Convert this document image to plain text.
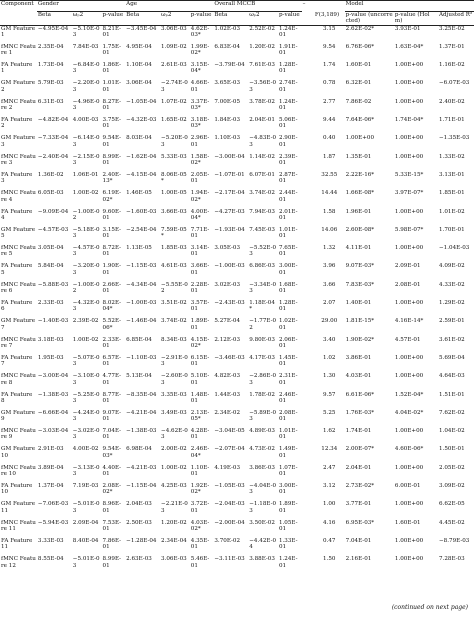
Component	Gender			Age			Overall MCCB			–		Model		
	Beta	ωₚ2	p-value	Beta	ωₚ2	p-value	Beta	ωₚ2	p-value		F(3,189)	p-value (uncorrected)	p-value (Holm)	Adjusted R²
GM Feature 1	−4.95E-04	−5.10E-03	8.21E-01	−3.45E-04	3.06E-03	4.62E-03*	1.02E-03	2.52E-02	1.24E-01		3.15	2.62E-02*	3.93E-01	3.25E-02
fMNC Feature 1	2.35E-04	7.84E-03	1.75E-01	4.95E-04	1.09E-02	1.99E-02*	6.83E-04	1.20E-02	1.91E-01		9.54	6.76E-06*	1.63E-04*	1.37E-01
FA Feature 1	1.73E-04	−6.84E-03	1.86E-01	1.10E-04	2.61E-03	3.15E-04*	−3.79E-04	7.61E-03	1.28E-01		1.74	1.60E-01	1.00E+00	1.16E-02
GM Feature 2	5.79E-03	−2.20E-03	1.01E-01	3.06E-04	−2.74E-03	4.66E-01	3.65E-03	−3.56E-03	2.74E-01		0.78	6.32E-01	1.00E+00	−6.07E-03
fMNC Feature 2	6.31E-03	−4.96E-03	8.27E-01	−1.05E-04	1.07E-02	3.37E-03*	7.00E-05	3.78E-02	1.24E-01		2.77	7.86E-02	1.00E+00	2.40E-02
FA Feature 2	−4.82E-04	4.00E-03	3.75E-01	−4.32E-03	1.65E-02	3.18E-03*	1.84E-03	2.04E-01	5.06E-01		9.44	7.64E-06*	1.74E-04*	1.71E-01
GM Feature 3	−7.33E-04	−6.14E-03	9.54E-01	8.03E-04	−5.20E-03	2.96E-01	1.10E-03	−4.83E-03	2.90E-01		0.40	1.00E+00	1.00E+00	−1.35E-03
fMNC Feature 3	−2.40E-04	−2.15E-03	8.99E-01	−1.62E-04	5.33E-03	1.58E-02*	−3.00E-04	1.14E-02	2.39E-01		1.87	1.35E-01	1.00E+00	1.33E-02
FA Feature 3	1.36E-02	1.06E-01	2.40E-13*	−4.15E-04	8.06E-05*	2.05E-01	−1.07E-01	6.07E-01	2.87E-01		32.55	2.22E-16*	5.33E-15*	3.13E-01
fMNC Feature 4	6.05E-03	1.00E-02	6.19E-02*	1.46E-05	1.00E-05	1.94E-02*	−2.17E-04	3.74E-02	2.44E-01		14.44	1.66E-08*	3.97E-07*	1.85E-01
FA Feature 4	−9.09E-04	−1.00E-02	9.60E-01	−1.60E-03	3.66E-03	4.00E-04*	−4.27E-03	7.94E-03	2.01E-01		1.58	1.96E-01	1.00E+00	1.01E-02
GM Feature 5	−4.57E-03	−5.18E-03	3.15E-01	−2.54E-04	7.59E-05*	7.71E-01	−1.93E-04	7.45E-03	1.01E-01		14.06	2.60E-08*	5.98E-07*	1.70E-01
fMNC Feature 5	3.05E-04	−4.57E-03	8.72E-01	1.13E-05	1.85E-03	3.14E-01	3.05E-03	−5.52E-03	7.65E-01		1.32	4.11E-01	1.00E+00	−1.04E-03
FA Feature 5	5.84E-04	−3.20E-03	1.90E-01	−1.15E-03	4.61E-03	3.66E-01	−1.00E-03	6.86E-03	3.00E-01		3.96	9.07E-03*	2.09E-01	4.09E-02
fMNC Feature 6	−5.88E-03	−1.00E-02	2.66E-01	−4.34E-04	−5.55E-02	2.28E-01	3.02E-03	−3.34E-03	1.68E-01		3.66	7.83E-03*	2.08E-01	4.33E-02
FA Feature 6	2.33E-03	−4.32E-03	8.02E-04*	−1.00E-03	3.51E-02	3.57E-01	−2.43E-03	1.18E-04*	1.28E-01		2.07	1.40E-01	1.00E+00	1.29E-02
GM Feature 7	−1.40E-03	2.39E-02	5.52E-06*	−1.46E-04	3.74E-02	1.89E-01	5.27E-04	−1.77E-02	1.02E-01		29.00	1.81E-15*	4.16E-14*	2.59E-01
fMNC Feature 7	3.18E-03	1.00E-02	2.33E-01	6.85E-04	8.34E-03	4.15E-02*	2.12E-03	9.80E-03	2.06E-01		3.40	1.90E-02*	4.57E-01	3.61E-02
FA Feature 7	1.95E-03	−5.07E-03	6.57E-01	−1.10E-03	−2.91E-03	6.15E-01	−3.46E-03	4.17E-03	1.45E-01		1.02	3.86E-01	1.00E+00	5.69E-04
fMNC Feature 8	−3.00E-04	−3.10E-03	4.77E-01	5.13E-04	−2.60E-03	5.10E-01	4.82E-03	−2.86E-03	2.31E-01		1.30	4.03E-01	1.00E+00	4.64E-03
FA Feature 8	−1.38E-03	−5.25E-03	8.77E-01	−8.35E-04	3.35E-03	1.48E-01	1.44E-03	1.78E-02	2.46E-01		9.57	6.61E-06*	1.52E-04*	1.51E-01
GM Feature 9	−6.66E-04	−4.24E-03	9.07E-01	−4.21E-04	3.49E-03	2.13E-05*	2.34E-02	−5.89E-03	2.08E-01		5.25	1.76E-03*	4.04E-02*	7.62E-02
fMNC Feature 9	−3.03E-04	−3.02E-03	7.04E-01	−1.38E-03	−4.62E-03	4.28E-01	−3.04E-05	4.89E-03	1.01E-01		1.62	1.74E-01	1.00E+00	1.04E-02
GM Feature 10	2.91E-03	4.00E-02	9.54E-03*	6.98E-04	2.00E-02	2.46E-04*	−2.07E-04	4.73E-02	1.49E-01		12.34	2.00E-07*	4.60E-06*	1.50E-01
fMNC Feature 10	3.89E-04	−3.13E-03	4.40E-01	−4.21E-03	1.00E-02	1.10E-01	4.19E-03	3.86E-03	1.07E-01		2.47	2.04E-01	1.00E+00	2.05E-02
FA Feature 10	1.37E-04	7.19E-03	2.08E-02*	−1.15E-04	4.25E-03	1.92E-02*	−1.05E-03	−4.04E-03	3.00E-01		3.12	2.73E-02*	6.00E-01	3.09E-02
GM Feature 11	−7.06E-03	−5.01E-03	8.96E-01	2.04E-03	−2.21E-03	3.72E-01	−2.04E-03	−1.18E-03	1.89E-01		1.00	3.77E-01	1.00E+00	6.62E-05
fMNC Feature 11	−5.94E-03	2.09E-04	7.53E-01	2.50E-03	1.20E-02	4.03E-02*	−2.00E-04	3.50E-02	1.05E-01		4.16	6.95E-03*	1.60E-01	4.45E-02
FA Feature 11	3.33E-03	8.40E-04	7.86E-01	−1.28E-04	2.34E-04	4.35E-01	3.70E-02	−4.42E-04	1.33E-01		0.47	7.04E-01	1.00E+00	−8.79E-03
fMNC Feature 12	8.55E-04	−5.01E-03	8.99E-01	2.63E-03	3.06E-03	5.46E-01	−3.11E-03	3.88E-03	1.24E-01		1.50	2.16E-01	1.00E+00	7.28E-03
(continued on next page)
